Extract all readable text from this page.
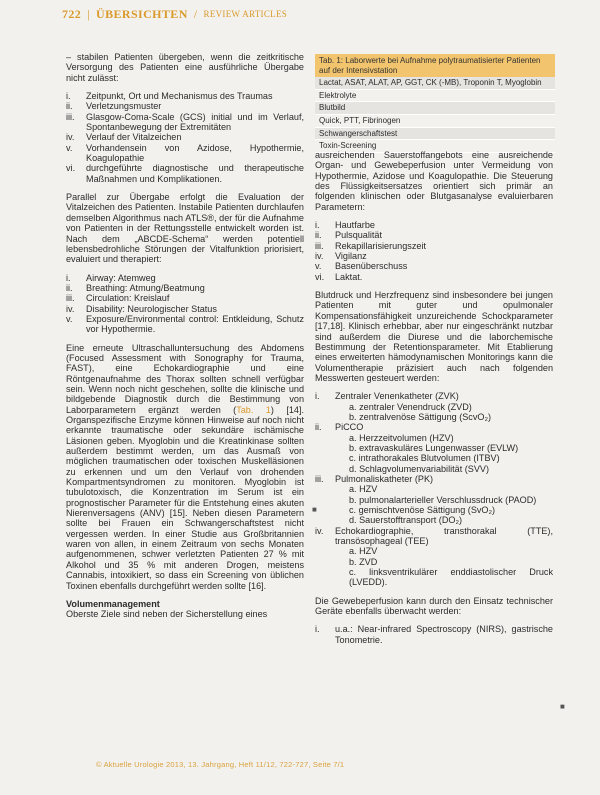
722 | ÜBERSICHTEN / REVIEW ARTICLES

– stabilen Patienten übergeben, wenn die zeitkritische Versorgung des Patienten eine ausführliche Übergabe nicht zulässt:

i.	Zeitpunkt, Ort und Mechanismus des Traumas
ii.	Verletzungsmuster
iii.	Glasgow-Coma-Scale (GCS) initial und im Verlauf, Spontanbewegung der Extremitäten
iv.	Verlauf der Vitalzeichen
v.	Vorhandensein von Azidose, Hypothermie, Koagulopathie
vi.	durchgeführte diagnostische und therapeutische Maßnahmen und Komplikationen.

Parallel zur Übergabe erfolgt die Evaluation der Vitalzeichen des Patienten. Instabile Patienten durchlaufen demselben Algorithmus nach ATLS®, der für die Aufnahme von Patienten in der Rettungsstelle entwickelt worden ist. Nach dem „ABCDE-Schema“ werden potentiell lebensbedrohliche Störungen der Vitalfunktion priorisiert, evaluiert und therapiert:

i.	Airway: Atemweg
ii.	Breathing: Atmung/Beatmung
iii.	Circulation: Kreislauf
iv.	Disability: Neurologischer Status
v.	Exposure/Environmental control: Entkleidung, Schutz vor Hypothermie.

Eine erneute Ultraschalluntersuchung des Abdomens (Focused Assessment with Sonography for Trauma, FAST), eine Echokardiographie und eine Röntgenaufnahme des Thorax sollten schnell verfügbar sein. Wenn noch nicht geschehen, sollte die klinische und bildgebende Diagnostik durch die Bestimmung von Laborparametern ergänzt werden (Tab. 1) [14]. Organspezifische Enzyme können Hinweise auf noch nicht erkannte traumatische oder sekundäre ischämische Läsionen geben. Myoglobin und die Kreatinkinase sollten außerdem bestimmt werden, um das Ausmaß von möglichen traumatischen oder toxischen Muskelläsionen zu erkennen und um den Verlauf von drohenden Kompartmentsyndromen zu monitoren. Myoglobin ist tubulotoxisch, die Konzentration im Serum ist ein prognostischer Parameter für die Entstehung eines akuten Nierenversagens (ANV) [15]. Neben diesen Parametern sollte bei Frauen ein Schwangerschaftstest nicht vergessen werden. In einer Studie aus Großbritannien waren von allen, in einem Zeitraum von sechs Monaten aufgenommenen, schwer verletzten Patienten 27 % mit Alkohol und 35 % mit anderen Drogen, meistens Cannabis, intoxikiert, so dass ein Screening von üblichen Toxinen ebenfalls durchgeführt werden sollte [16].

Volumenmanagement

Oberste Ziele sind neben der Sicherstellung eines

Tab. 1: Laborwerte bei Aufnahme polytraumatisierter Patienten auf der Intensivstation
Lactat, ASAT, ALAT, AP, GGT, CK (-MB), Troponin T, Myoglobin
Elektrolyte
Blutbild
Quick, PTT, Fibrinogen
Schwangerschaftstest
Toxin-Screening

ausreichenden Sauerstoffangebots eine ausreichende Organ- und Gewebeperfusion unter Vermeidung von Hypothermie, Azidose und Koagulopathie. Die Steuerung des Flüssigkeitsersatzes orientiert sich primär an folgenden klinischen oder Blutgasanalyse evaluierbaren Parametern:

i.	Hautfarbe
ii.	Pulsqualität
iii.	Rekapillarisierungszeit
iv.	Vigilanz
v.	Basenüberschuss
vi.	Laktat.

Blutdruck und Herzfrequenz sind insbesondere bei jungen Patienten mit guter und opulmonaler Kompensationsfähigkeit unzureichende Schockparameter [17,18]. Klinisch erhebbar, aber nur eingeschränkt nutzbar sind außerdem die Diurese und die laborchemische Bestimmung der Retentionsparameter. Mit Etablierung eines erweiterten hämodynamischen Monitorings kann die Volumentherapie präzisiert auch nach folgenden Messwerten gesteuert werden:

i.	Zentraler Venenkatheter (ZVK)
a. zentraler Venendruck (ZVD)
b. zentralvenöse Sättigung (ScvO₂)
ii.	PiCCO
a. Herzzeitvolumen (HZV)
b. extravaskuläres Lungenwasser (EVLW)
c. intrathorakales Blutvolumen (ITBV)
d. Schlagvolumenvariabilität (SVV)
iii.	Pulmonaliskatheter (PK)
a. HZV
b. pulmonalarterieller Verschlussdruck (PAOD)
c. gemischtvenöse Sättigung (SvO₂)
d. Sauerstofftransport (DO₂)
iv.	Echokardiographie, transthorakal (TTE), transösophageal (TEE)
a. HZV
b. ZVD
c. linksventrikulärer enddiastolischer Druck (LVEDD).

Die Gewebeperfusion kann durch den Einsatz technischer Geräte ebenfalls überwacht werden:

i.	u.a.: Near-infrared Spectroscopy (NIRS), gastrische Tonometrie.
■
■
© Aktuelle Urologie 2013, 13. Jahrgang, Heft 11/12, 722-727, Seite 7/1
